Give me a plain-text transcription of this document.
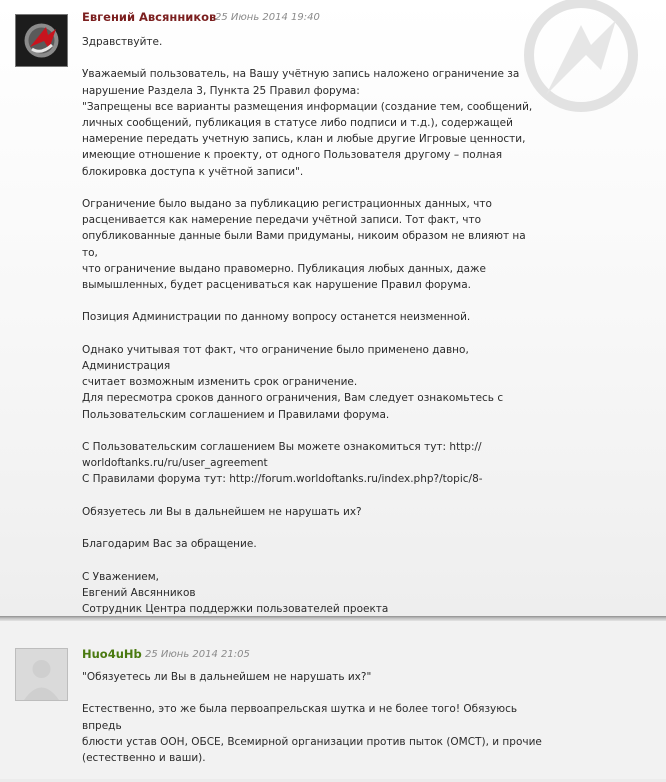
Евгений Авсянников
25 Июнь 2014 19:40

Здравствуйте.

Уважаемый пользователь, на Вашу учётную запись наложено ограничение за
нарушение Раздела 3, Пункта 25 Правил форума:
"Запрещены все варианты размещения информации (создание тем, сообщений,
личных сообщений, публикация в статусе либо подписи и т.д.), содержащей
намерение передать учетную запись, клан и любые другие Игровые ценности,
имеющие отношение к проекту, от одного Пользователя другому – полная
блокировка доступа к учётной записи".

Ограничение было выдано за публикацию регистрационных данных, что
расценивается как намерение передачи учётной записи. Тот факт, что
опубликованные данные были Вами придуманы, никоим образом не влияют на то,
что ограничение выдано правомерно. Публикация любых данных, даже
вымышленных, будет расцениваться как нарушение Правил форума.

Позиция Администрации по данному вопросу останется неизменной.

Однако учитывая тот факт, что ограничение было применено давно, Администрация
считает возможным изменить срок ограничение.
Для пересмотра сроков данного ограничения, Вам следует ознакомьтесь с
Пользовательским соглашением и Правилами форума.

С Пользовательским соглашением Вы можете ознакомиться тут: http://
worldoftanks.ru/ru/user_agreement
С Правилами форума тут: http://forum.worldoftanks.ru/index.php?/topic/8-

Обязуетесь ли Вы в дальнейшем не нарушать их?

Благодарим Вас за обращение.

С Уважением,
Евгений Авсянников
Сотрудник Центра поддержки пользователей проекта

Huo4uHb 25 Июнь 2014 21:05

"Обязуетесь ли Вы в дальнейшем не нарушать их?"

Естественно, это же была первоапрельская шутка и не более того! Обязуюсь впредь
блюсти устав ООН, ОБСЕ, Всемирной организации против пыток (ОМСТ), и прочие
(естественно и ваши).
